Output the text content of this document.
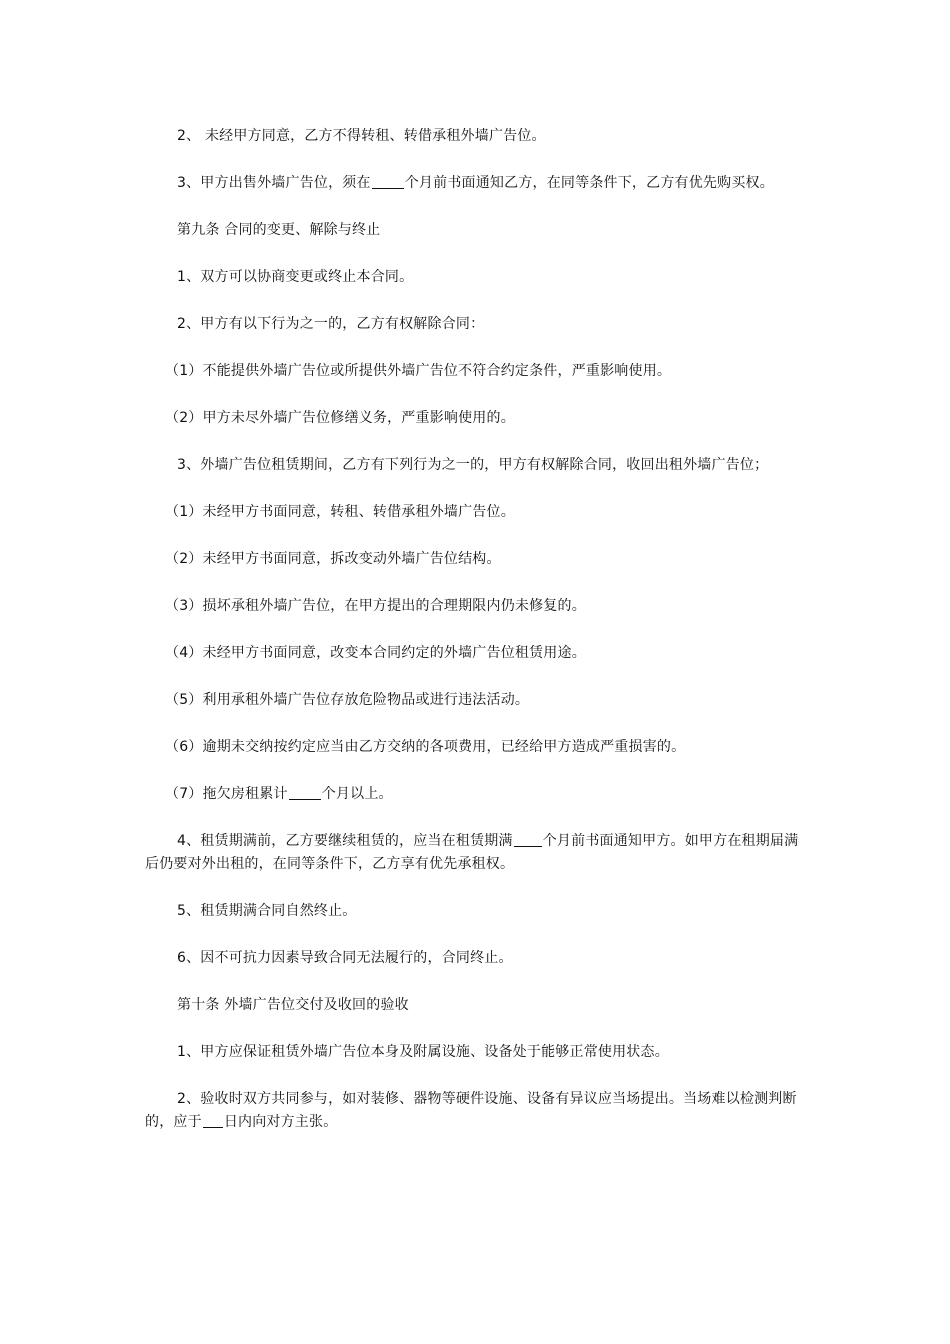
2、 未经甲方同意，乙方不得转租、转借承租外墙广告位。

3、甲方出售外墙广告位，须在 个月前书面通知乙方，在同等条件下，乙方有优先购买权。

第九条 合同的变更、解除与终止

1、双方可以协商变更或终止本合同。

2、甲方有以下行为之一的，乙方有权解除合同：

（1）不能提供外墙广告位或所提供外墙广告位不符合约定条件，严重影响使用。

（2）甲方未尽外墙广告位修缮义务，严重影响使用的。

3、外墙广告位租赁期间，乙方有下列行为之一的，甲方有权解除合同，收回出租外墙广告位；

（1）未经甲方书面同意，转租、转借承租外墙广告位。

（2）未经甲方书面同意，拆改变动外墙广告位结构。

（3）损坏承租外墙广告位，在甲方提出的合理期限内仍未修复的。

（4）未经甲方书面同意，改变本合同约定的外墙广告位租赁用途。

（5）利用承租外墙广告位存放危险物品或进行违法活动。

（6）逾期未交纳按约定应当由乙方交纳的各项费用，已经给甲方造成严重损害的。

（7）拖欠房租累计 个月以上。

4、租赁期满前，乙方要继续租赁的，应当在租赁期满 个月前书面通知甲方。如甲方在租期届满后仍要对外出租的，在同等条件下，乙方享有优先承租权。

5、租赁期满合同自然终止。

6、因不可抗力因素导致合同无法履行的，合同终止。

第十条 外墙广告位交付及收回的验收

1、甲方应保证租赁外墙广告位本身及附属设施、设备处于能够正常使用状态。

2、验收时双方共同参与，如对装修、器物等硬件设施、设备有异议应当场提出。当场难以检测判断的，应于 日内向对方主张。
